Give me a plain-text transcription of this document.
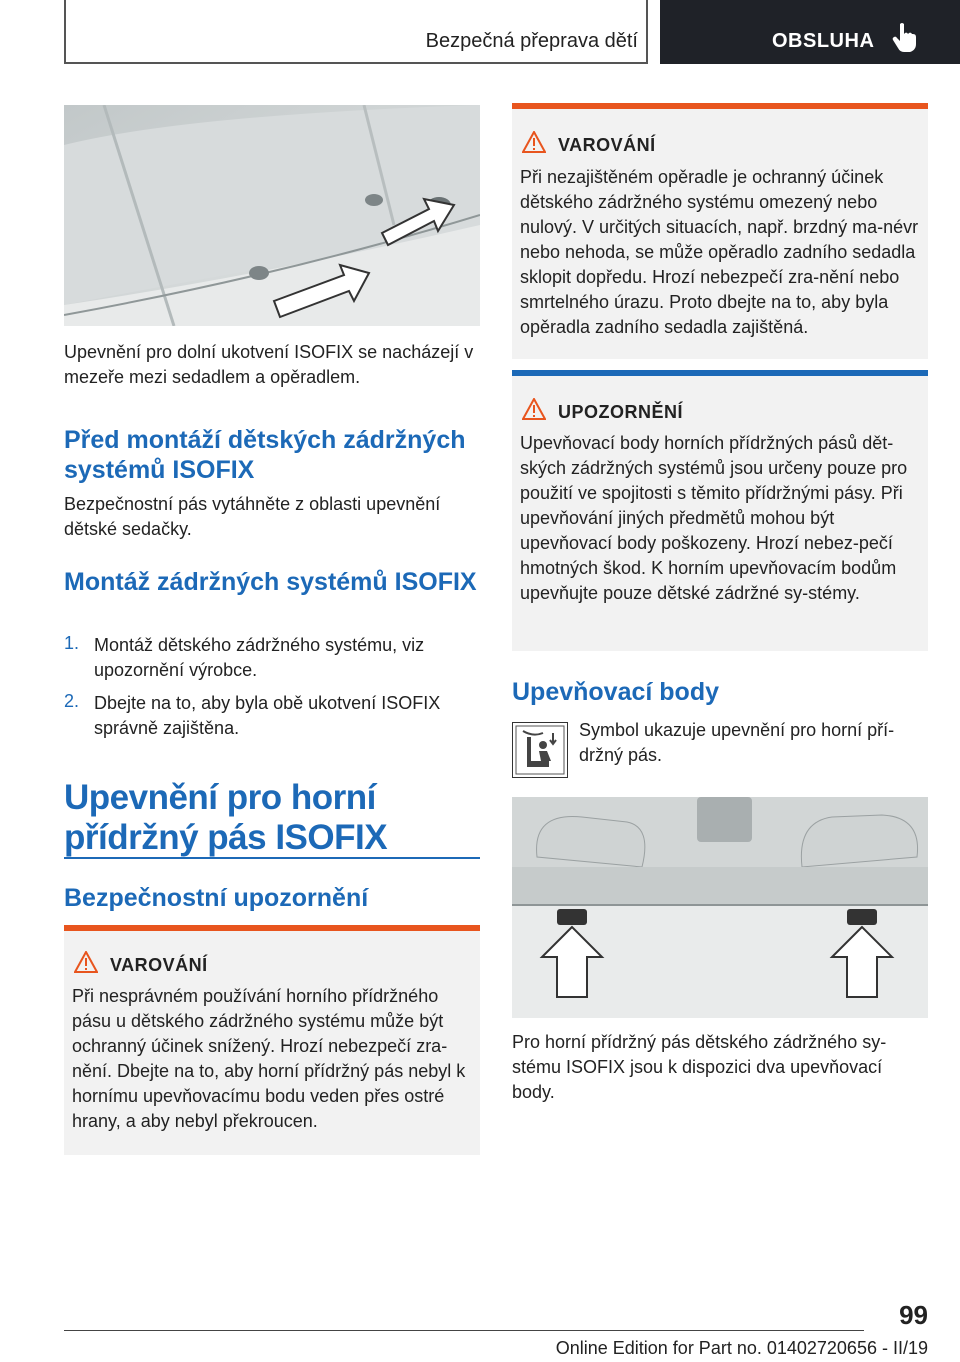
Bezpečná přeprava dětí	OBSLUHA
Upevnění pro dolní ukotvení ISOFIX se nacházejí v mezeře mezi sedadlem a opěradlem.
Před montáží dětských zádržných systémů ISOFIX
Bezpečnostní pás vytáhněte z oblasti upevnění dětské sedačky.
Montáž zádržných systémů ISOFIX
1. Montáž dětského zádržného systému, viz upozornění výrobce.
2. Dbejte na to, aby byla obě ukotvení ISOFIX správně zajištěna.
Upevnění pro horní přídržný pás ISOFIX
Bezpečnostní upozornění
VAROVÁNÍ
Při nesprávném používání horního přídržného pásu u dětského zádržného systému může být ochranný účinek snížený. Hrozí nebezpečí zra-nění. Dbejte na to, aby horní přídržný pás nebyl k hornímu upevňovacímu bodu veden přes ostré hrany, a aby nebyl překroucen.
VAROVÁNÍ
Při nezajištěném opěradle je ochranný účinek dětského zádržného systému omezený nebo nulový. V určitých situacích, např. brzdný ma-névr nebo nehoda, se může opěradlo zadního sedadla sklopit dopředu. Hrozí nebezpečí zra-nění nebo smrtelného úrazu. Proto dbejte na to, aby byla opěradla zadního sedadla zajištěná.
UPOZORNĚNÍ
Upevňovací body horních přídržných pásů dět-ských zádržných systémů jsou určeny pouze pro použití ve spojitosti s těmito přídržnými pásy. Při upevňování jiných předmětů mohou být upevňovací body poškozeny. Hrozí nebez-pečí hmotných škod. K horním upevňovacím bodům upevňujte pouze dětské zádržné sy-stémy.
Upevňovací body
Symbol ukazuje upevnění pro horní pří-držný pás.
Pro horní přídržný pás dětského zádržného sy-stému ISOFIX jsou k dispozici dva upevňovací body.
99
Online Edition for Part no. 01402720656 - II/19
